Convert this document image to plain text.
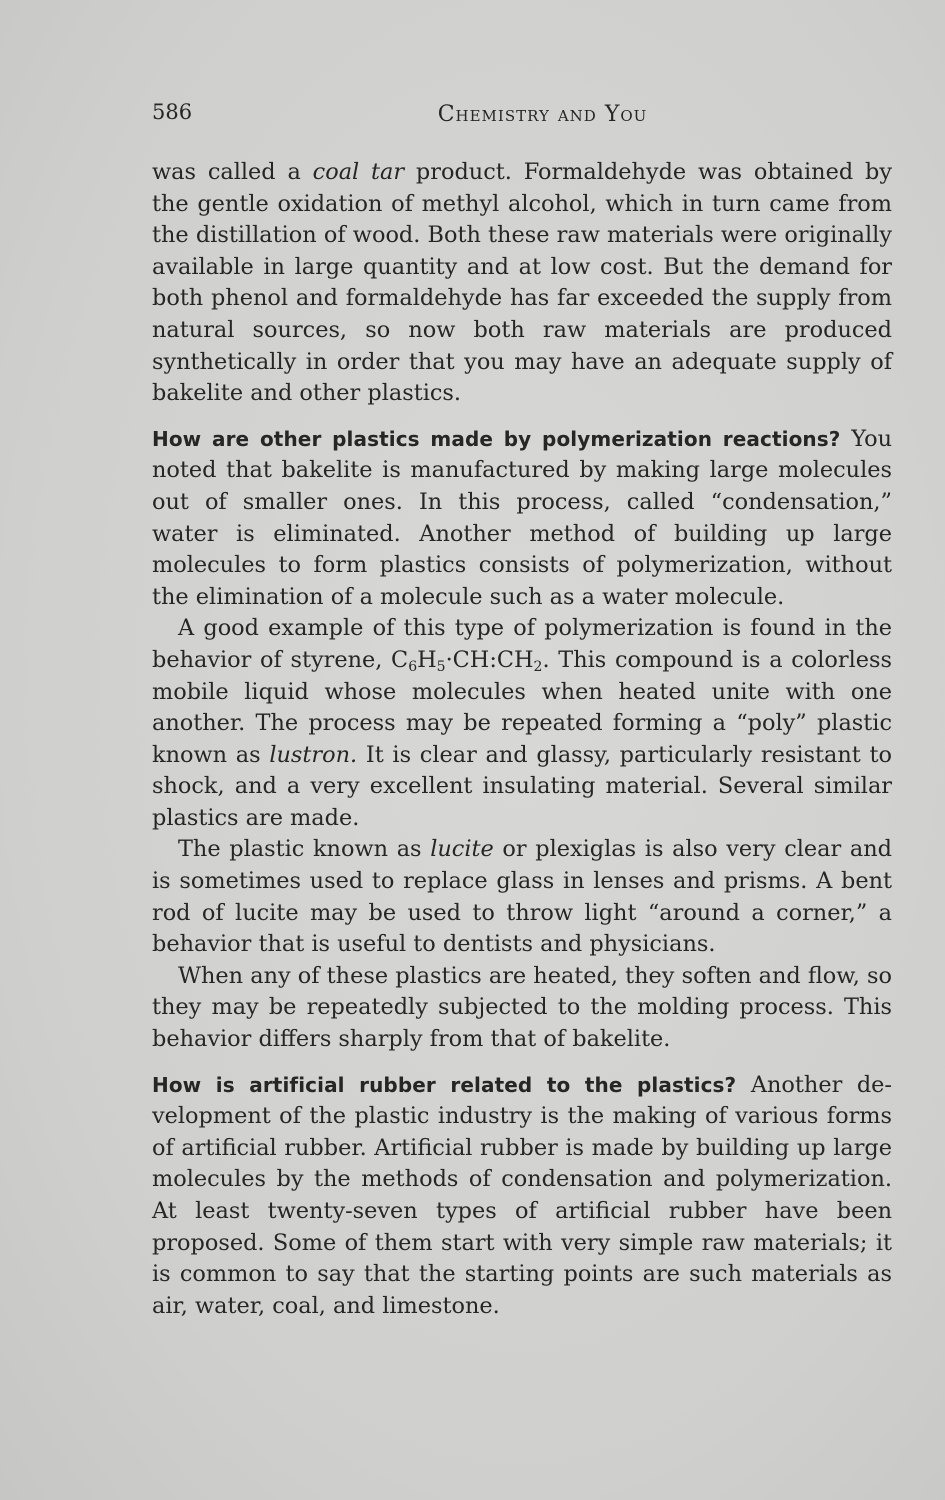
586	Chemistry and You

was called a coal tar product. Formaldehyde was obtained by the gentle oxidation of methyl alcohol, which in turn came from the distillation of wood. Both these raw materials were originally available in large quantity and at low cost. But the demand for both phenol and formaldehyde has far exceeded the supply from natural sources, so now both raw materials are produced synthetically in order that you may have an adequate supply of bakelite and other plastics.

How are other plastics made by polymerization reactions? You noted that bakelite is manufactured by making large molecules out of smaller ones. In this process, called “condensation,” water is eliminated. Another method of building up large molecules to form plastics consists of polymerization, without the elimination of a molecule such as a water molecule.

A good example of this type of polymerization is found in the behavior of styrene, $C_6H_5\cdot CH:CH_2$. This compound is a colorless mobile liquid whose molecules when heated unite with one another. The process may be repeated forming a “poly” plastic known as lustron. It is clear and glassy, particularly resistant to shock, and a very excellent insulating material. Several similar plastics are made.

The plastic known as lucite or plexiglas is also very clear and is sometimes used to replace glass in lenses and prisms. A bent rod of lucite may be used to throw light “around a corner,” a behavior that is useful to dentists and physicians.

When any of these plastics are heated, they soften and flow, so they may be repeatedly subjected to the molding process. This behavior differs sharply from that of bakelite.

How is artificial rubber related to the plastics? Another development of the plastic industry is the making of various forms of artificial rubber. Artificial rubber is made by building up large molecules by the methods of condensation and polymerization. At least twenty-seven types of artificial rubber have been proposed. Some of them start with very simple raw materials; it is common to say that the starting points are such materials as air, water, coal, and limestone.
